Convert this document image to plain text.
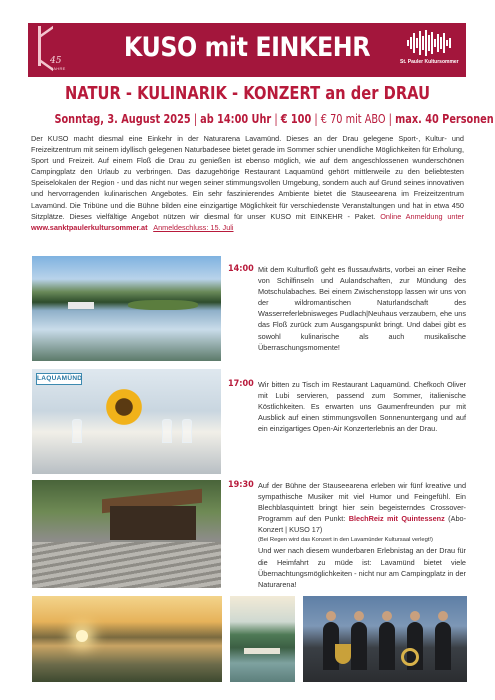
45
JAHRE
KUSO mit EINKEHR	St. Pauler Kultursommer
NATUR - KULINARIK - KONZERT an der DRAU
Sonntag, 3. August 2025 | ab 14:00 Uhr | € 100 | € 70 mit ABO | max. 40 Personen
Der KUSO macht diesmal eine Einkehr in der Naturarena Lavamünd. Dieses an der Drau gelegene Sport-, Kultur- und Freizeitzentrum mit seinem idyllisch gelegenen Naturbadesee bietet gerade im Sommer schier unendliche Möglichkeiten für Erholung, Sport und Freizeit. Auf einem Floß die Drau zu genießen ist ebenso möglich, wie auf dem angeschlossenen wunderschönen Campingplatz den Urlaub zu verbringen. Das dazugehörige Restaurant Laquamünd gehört mittlerweile zu den beliebtesten Speiselokalen der Region - und das nicht nur wegen seiner stimmungsvollen Umgebung, sondern auch auf Grund seines innovativen und hervorragenden kulinarischen Angebotes. Ein sehr faszinierendes Ambiente bietet die Stauseearena im Freizeitzentrum Lavamünd. Die Tribüne und die Bühne bilden eine einzigartige Möglichkeit für verschiedenste Veranstaltungen und hat in etwa 450 Sitzplätze. Dieses vielfältige Angebot nützen wir diesmal für unser KUSO mit EINKEHR - Paket. Online Anmeldung unter www.sanktpaulerkultursommer.at Anmeldeschluss: 15. Juli
LAQUAMÜND
14:00 Mit dem Kulturfloß geht es flussaufwärts, vorbei an einer Reihe von Schilfinseln und Aulandschaften, zur Mündung des Motschulabaches. Bei einem Zwischenstopp lassen wir uns von der wildromantischen Naturlandschaft des Wasserreferlebnisweges Pudlach|Neuhaus verzaubern, ehe uns das Floß zurück zum Ausgangspunkt bringt. Und dabei gibt es sowohl kulinarische als auch musikalische Überraschungsmomente!
17:00 Wir bitten zu Tisch im Restaurant Laquamünd. Chefkoch Oliver mit Lubi servieren, passend zum Sommer, italienische Köstlichkeiten. Es erwarten uns Gaumenfreunden pur mit Ausblick auf einen stimmungsvollen Sonnenuntergang und auf ein einzigartiges Open-Air Konzerterlebnis an der Drau.
19:30 Auf der Bühne der Stauseearena erleben wir fünf kreative und sympathische Musiker mit viel Humor und Feingefühl. Ein Blechblasquintett bringt hier sein begeisterndes Crossover-Programm auf den Punkt: BlechReiz mit Quintessenz (Abo-Konzert | KUSO 17)
(Bei Regen wird das Konzert in den Lavamünder Kultursaal verlegt!)
Und wer nach diesem wunderbaren Erlebnistag an der Drau für die Heimfahrt zu müde ist: Lavamünd bietet viele Übernachtungsmöglichkeiten - nicht nur am Campingplatz in der Naturarena!
